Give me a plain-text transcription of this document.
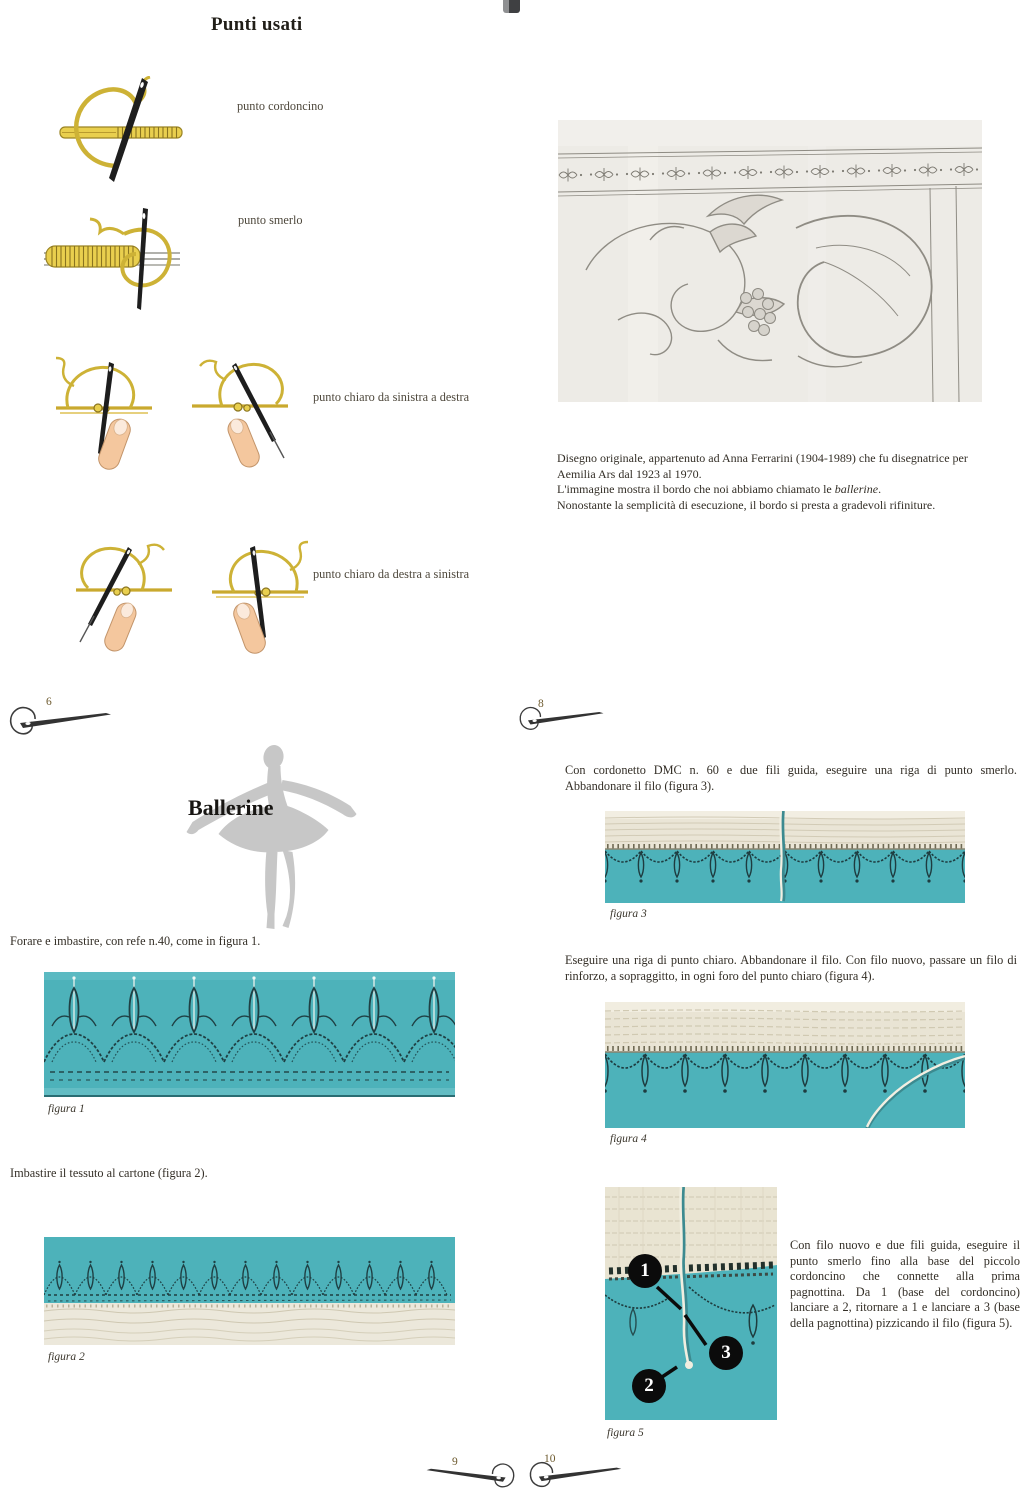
Punti usati
punto cordoncino
punto smerlo
punto chiaro da sinistra a destra
punto chiaro da destra a sinistra
6
Disegno originale, appartenuto ad Anna Ferrarini (1904-1989) che fu disegnatrice per
Aemilia Ars dal 1923 al 1970.
L'immagine mostra il bordo che noi abbiamo chiamato le ballerine.
Nonostante la semplicità di esecuzione, il bordo si presta a gradevoli rifiniture.
8
Ballerine
Forare e imbastire, con refe n.40, come in figura 1.
figura 1
Imbastire il tessuto al cartone (figura 2).
figura 2
9
Con cordonetto DMC n. 60 e due fili guida, eseguire una riga di punto smerlo. Abbandonare il filo (figura 3).
figura 3
Eseguire una riga di punto chiaro. Abbandonare il filo. Con filo nuovo, passare un filo di rinforzo, a sopraggitto, in ogni foro del punto chiaro (figura 4).
figura 4
1
3
2
figura 5
Con filo nuovo e due fili guida, eseguire il punto smerlo fino alla base del piccolo cordoncino che connette alla prima pagnottina. Da 1 (base del cordoncino) lanciare a 2, ritornare a 1 e lanciare a 3 (base della pagnottina) pizzicando il filo (figura 5).
10
